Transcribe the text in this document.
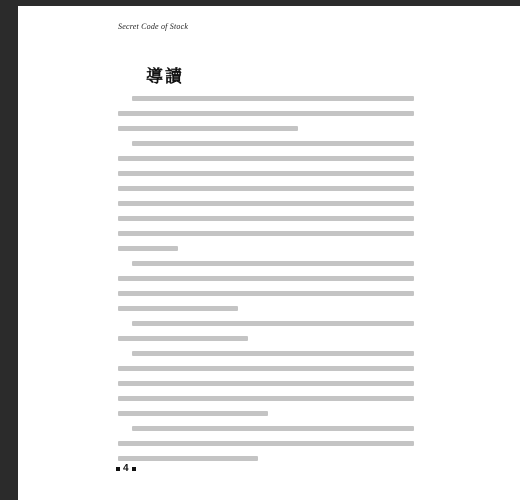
Secret Code of Stock
導讀
4
